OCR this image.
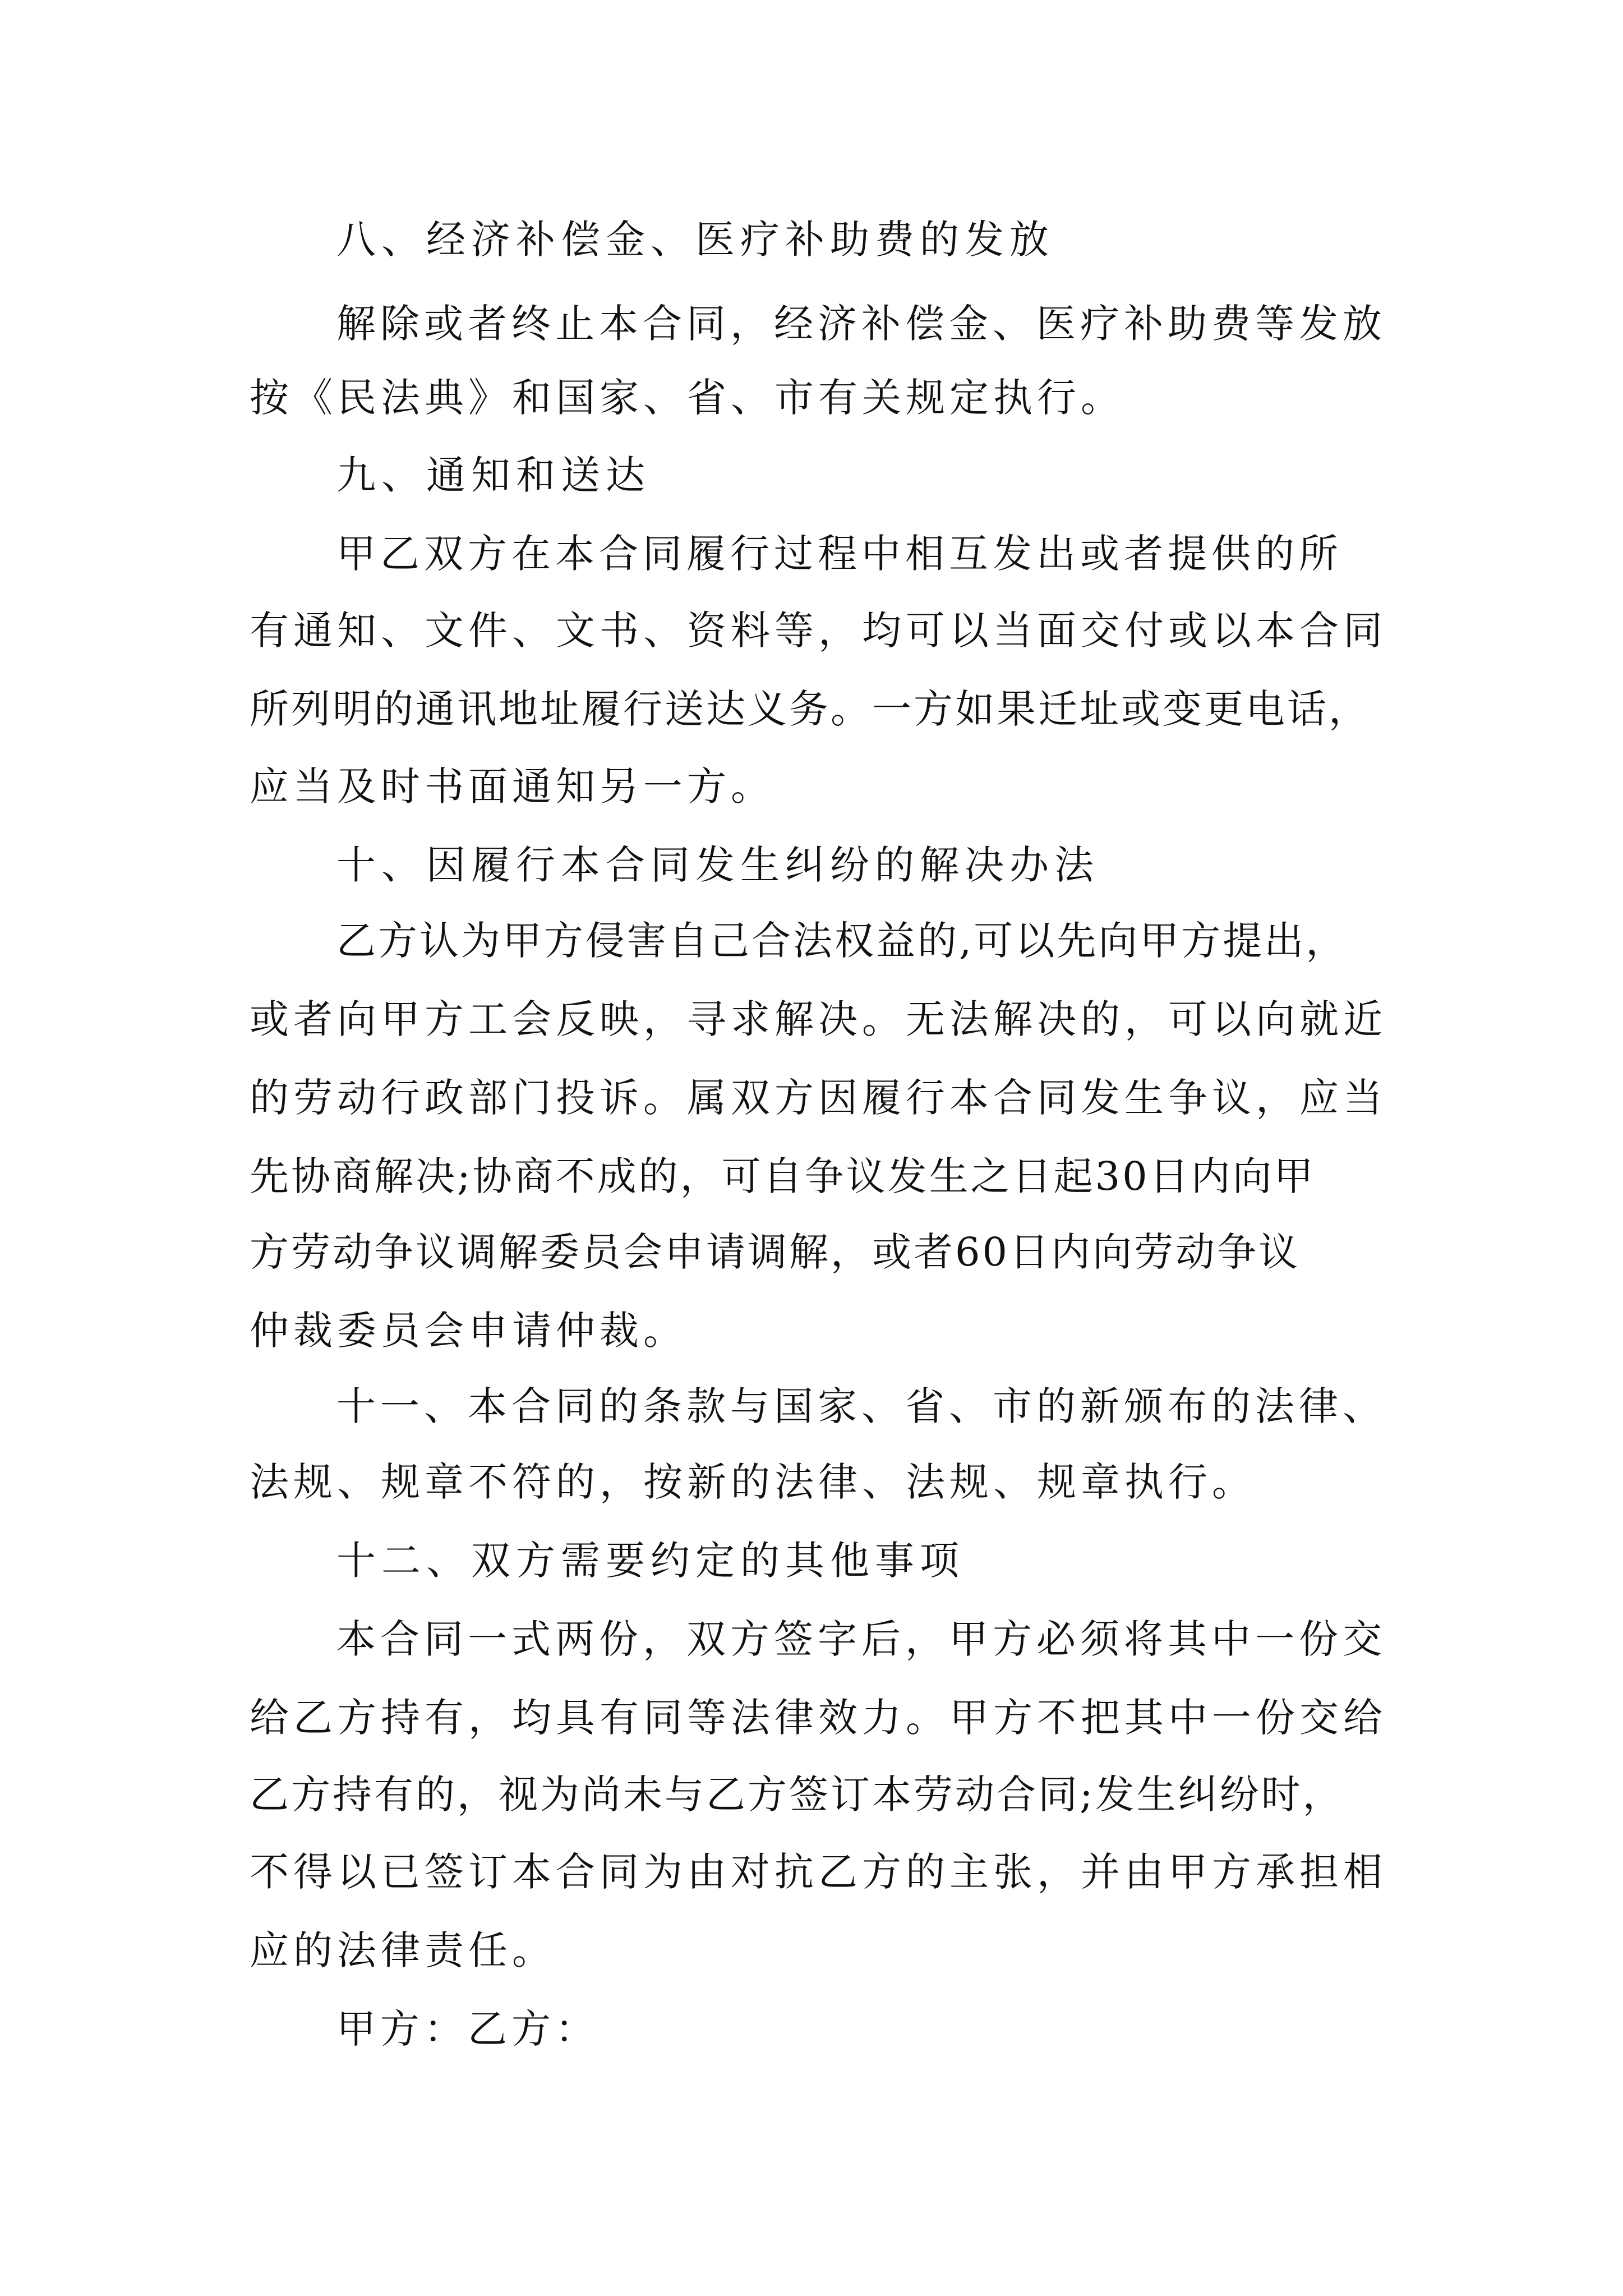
八、经济补偿金、医疗补助费的发放
解除或者终止本合同，经济补偿金、医疗补助费等发放
按《民法典》和国家、省、市有关规定执行。
九、通知和送达
甲乙双方在本合同履行过程中相互发出或者提供的所
有通知、文件、文书、资料等，均可以当面交付或以本合同
所列明的通讯地址履行送达义务。一方如果迁址或变更电话，
应当及时书面通知另一方。
十、因履行本合同发生纠纷的解决办法
乙方认为甲方侵害自己合法权益的,可以先向甲方提出，
或者向甲方工会反映，寻求解决。无法解决的，可以向就近
的劳动行政部门投诉。属双方因履行本合同发生争议，应当
先协商解决;协商不成的，可自争议发生之日起30日内向甲
方劳动争议调解委员会申请调解，或者60日内向劳动争议
仲裁委员会申请仲裁。
十一、本合同的条款与国家、省、市的新颁布的法律、
法规、规章不符的，按新的法律、法规、规章执行。
十二、双方需要约定的其他事项
本合同一式两份，双方签字后，甲方必须将其中一份交
给乙方持有，均具有同等法律效力。甲方不把其中一份交给
乙方持有的，视为尚未与乙方签订本劳动合同;发生纠纷时，
不得以已签订本合同为由对抗乙方的主张，并由甲方承担相
应的法律责任。
甲方：乙方：
